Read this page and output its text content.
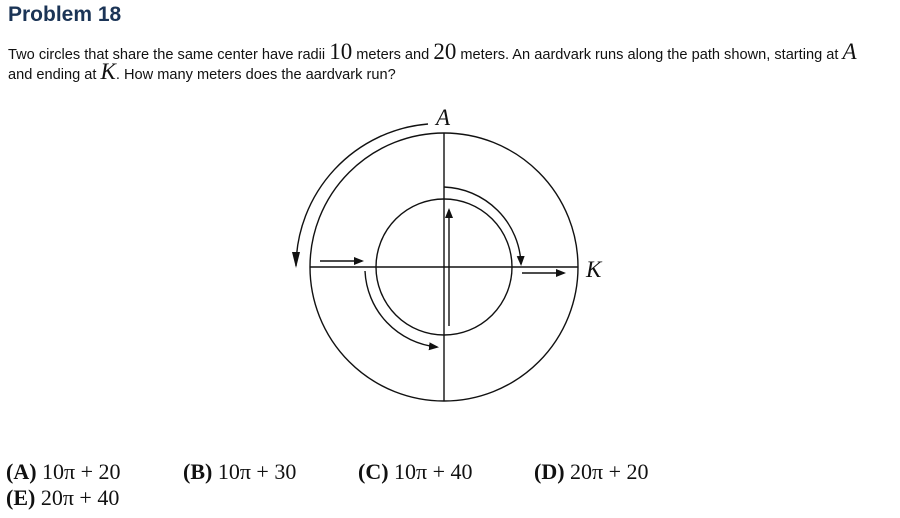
Problem 18

Two circles that share the same center have radii 10 meters and 20 meters. An aardvark runs along the path shown, starting at A
and ending at K. How many meters does the aardvark run?

A
K
(A) 10π + 20	(B) 10π + 30	(C) 10π + 40	(D) 20π + 20
(E) 20π + 40
